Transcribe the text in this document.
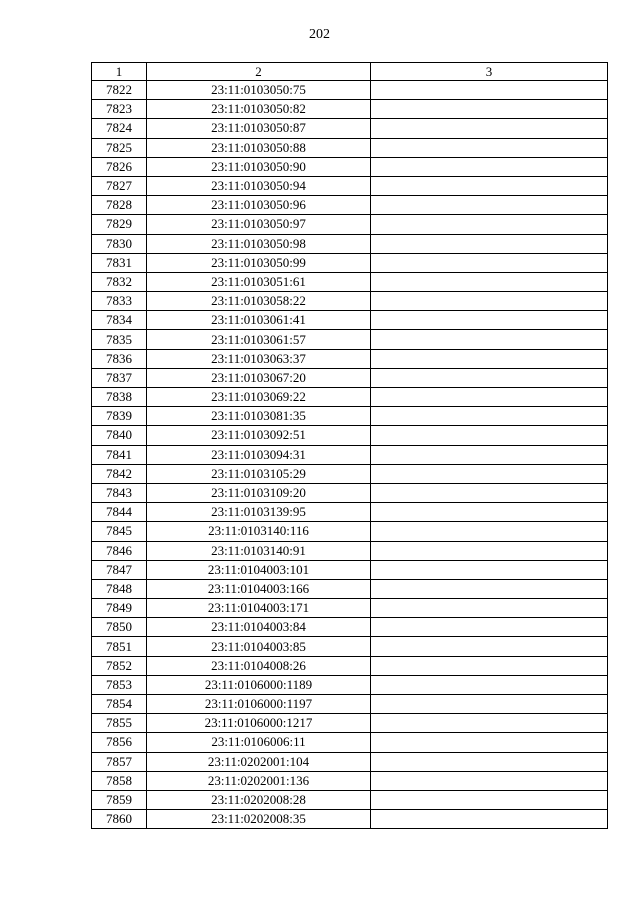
202
1	2	3
7822	23:11:0103050:75	
7823	23:11:0103050:82	
7824	23:11:0103050:87	
7825	23:11:0103050:88	
7826	23:11:0103050:90	
7827	23:11:0103050:94	
7828	23:11:0103050:96	
7829	23:11:0103050:97	
7830	23:11:0103050:98	
7831	23:11:0103050:99	
7832	23:11:0103051:61	
7833	23:11:0103058:22	
7834	23:11:0103061:41	
7835	23:11:0103061:57	
7836	23:11:0103063:37	
7837	23:11:0103067:20	
7838	23:11:0103069:22	
7839	23:11:0103081:35	
7840	23:11:0103092:51	
7841	23:11:0103094:31	
7842	23:11:0103105:29	
7843	23:11:0103109:20	
7844	23:11:0103139:95	
7845	23:11:0103140:116	
7846	23:11:0103140:91	
7847	23:11:0104003:101	
7848	23:11:0104003:166	
7849	23:11:0104003:171	
7850	23:11:0104003:84	
7851	23:11:0104003:85	
7852	23:11:0104008:26	
7853	23:11:0106000:1189	
7854	23:11:0106000:1197	
7855	23:11:0106000:1217	
7856	23:11:0106006:11	
7857	23:11:0202001:104	
7858	23:11:0202001:136	
7859	23:11:0202008:28	
7860	23:11:0202008:35	
